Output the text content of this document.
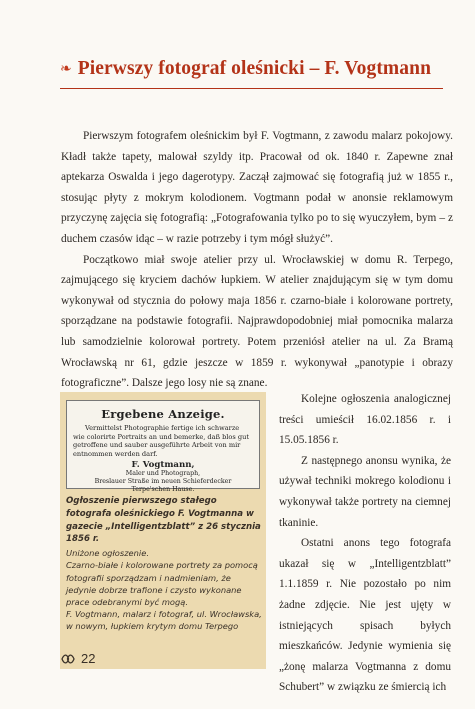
❧ Pierwszy fotograf oleśnicki – F. Vogtmann

Pierwszym fotografem oleśnickim był F. Vogtmann, z zawodu malarz pokojowy. Kładł także tapety, malował szyldy itp. Pracował od ok. 1840 r. Zapewne znał aptekarza Oswalda i jego dagerotypy. Zaczął zajmować się fotografią już w 1855 r., stosując płyty z mokrym kolodionem. Vogtmann podał w anonsie reklamowym przyczynę zajęcia się fotografią: „Fotografowania tylko po to się wyuczyłem, bym – z duchem czasów idąc – w razie potrzeby i tym mógł służyć”.

Początkowo miał swoje atelier przy ul. Wrocławskiej w domu R. Terpego, zajmującego się kryciem dachów łupkiem. W atelier znajdującym się w tym domu wykonywał od stycznia do połowy maja 1856 r. czarno-białe i kolorowane portrety, sporządzane na podstawie fotografii. Najprawdopodobniej miał pomocnika malarza lub samodzielnie kolorował portrety. Potem przeniósł atelier na ul. Za Bramą Wrocławską nr 61, gdzie jeszcze w 1859 r. wykonywał „panotypie i obrazy fotograficzne”. Dalsze jego losy nie są znane.

Ergebene Anzeige.
Vermittelst Photographie fertige ich schwarze
wie colorirte Portraits an und bemerke, daß blos gut
getroffene und sauber ausgeführte Arbeit von mir
entnommen werden darf.
F. Vogtmann,
Maler und Photograph,
Breslauer Straße im neuen Schieferdecker
Terpe'schen Hause.
Ogłoszenie pierwszego stałego fotografa oleśnickiego F. Vogtmanna w gazecie „Intelligentzblatt” z 26 stycznia 1856 r.

Uniżone ogłoszenie.

Czarno-białe i kolorowane portrety za pomocą fotografii sporządzam i nadmieniam, że jedynie dobrze trafione i czysto wykonane prace odebranymi być mogą.

F. Vogtmann, malarz i fotograf, ul. Wrocławska, w nowym, łupkiem krytym domu Terpego

Kolejne ogłoszenia analogicznej treści umieścił 16.02.1856 r. i 15.05.1856 r.

Z następnego anonsu wynika, że używał techniki mokrego kolodionu i wykonywał także portrety na ciemnej tkaninie.

Ostatni anons tego fotografa ukazał się w „Intelligentzblatt” 1.1.1859 r. Nie pozostało po nim żadne zdjęcie. Nie jest ujęty w istniejących spisach byłych mieszkańców. Jedynie wymienia się „żonę malarza Vogtmanna z domu Schubert” w związku ze śmiercią ich

22
